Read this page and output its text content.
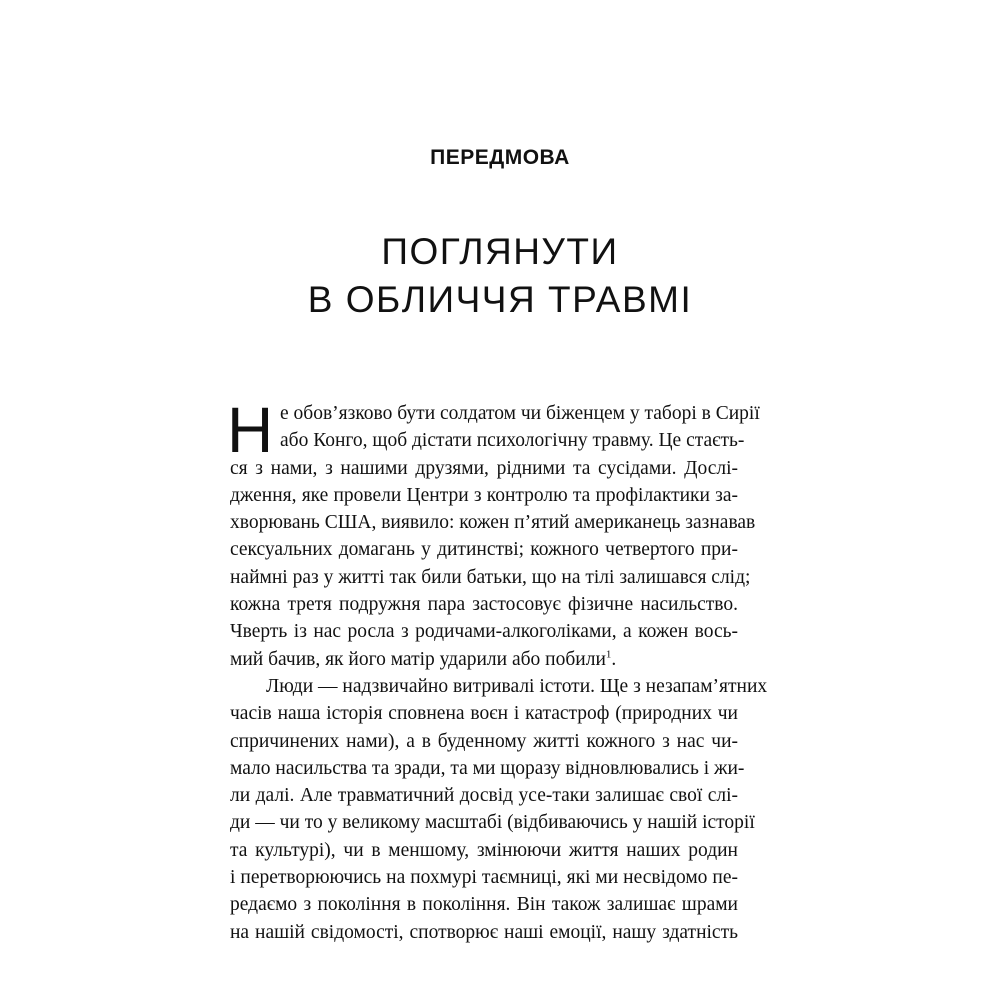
ПЕРЕДМОВА
ПОГЛЯНУТИ
В ОБЛИЧЧЯ ТРАВМІ
Н е обов’язково бути солдатом чи біженцем у таборі в Сирії
або Конго, щоб дістати психологічну травму. Це стаєть-
ся з нами, з нашими друзями, рідними та сусідами. Дослі-
дження, яке провели Центри з контролю та профілактики за-
хворювань США, виявило: кожен п’ятий американець зазнавав
сексуальних домагань у дитинстві; кожного четвертого при-
наймні раз у житті так били батьки, що на тілі залишався слід;
кожна третя подружня пара застосовує фізичне насильство.
Чверть із нас росла з родичами-алкоголіками, а кожен вось-
мий бачив, як його матір ударили або побили$^1$.
Люди — надзвичайно витривалі істоти. Ще з незапам’ятних
часів наша історія сповнена воєн і катастроф (природних чи
спричинених нами), а в буденному житті кожного з нас чи-
мало насильства та зради, та ми щоразу відновлювались і жи-
ли далі. Але травматичний досвід усе-таки залишає свої слі-
ди — чи то у великому масштабі (відбиваючись у нашій історії
та культурі), чи в меншому, змінюючи життя наших родин
і перетворюючись на похмурі таємниці, які ми несвідомо пе-
редаємо з покоління в покоління. Він також залишає шрами
на нашій свідомості, спотворює наші емоції, нашу здатність
